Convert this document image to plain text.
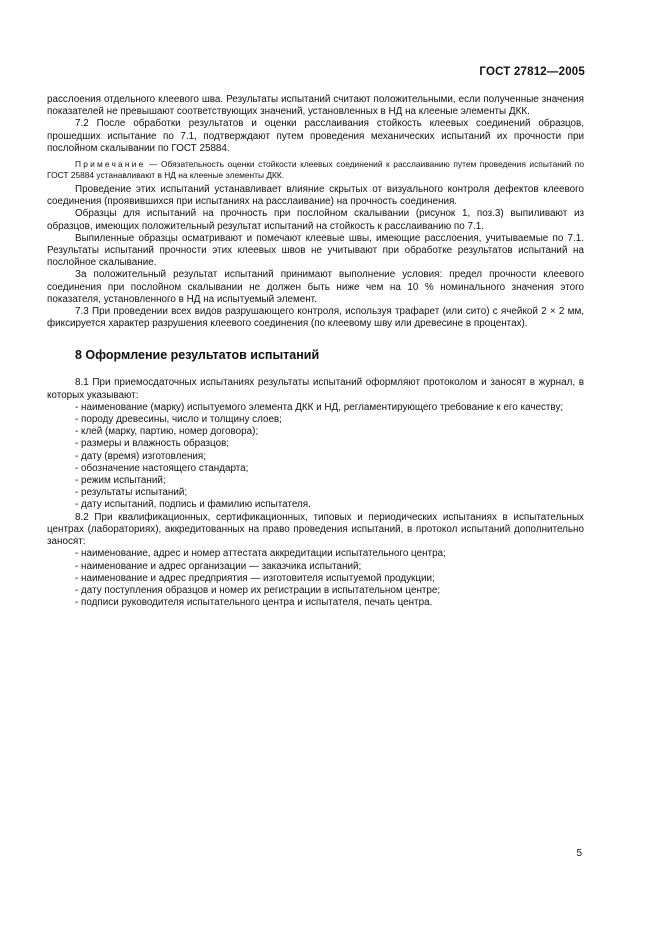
ГОСТ 27812—2005

расслоения отдельного клеевого шва. Результаты испытаний считают положительными, если полученные значения показателей не превышают соответствующих значений, установленных в НД на клееные элементы ДКК.

7.2 После обработки результатов и оценки расслаивания стойкость клеевых соединений образцов, прошедших испытание по 7.1, подтверждают путем проведения механических испытаний их прочности при послойном скалывании по ГОСТ 25884.

Примечание — Обязательность оценки стойкости клеевых соединений к расслаиванию путем проведения испытаний по ГОСТ 25884 устанавливают в НД на клееные элементы ДКК.

Проведение этих испытаний устанавливает влияние скрытых от визуального контроля дефектов клеевого соединения (проявившихся при испытаниях на расслаивание) на прочность соединения.

Образцы для испытаний на прочность при послойном скалывании (рисунок 1, поз.3) выпиливают из образцов, имеющих положительный результат испытаний на стойкость к расслаиванию по 7.1.

Выпиленные образцы осматривают и помечают клеевые швы, имеющие расслоения, учитываемые по 7.1. Результаты испытаний прочности этих клеевых швов не учитывают при обработке результатов испытаний на послойное скалывание.

За положительный результат испытаний принимают выполнение условия: предел прочности клеевого соединения при послойном скалывании не должен быть ниже чем на 10 % номинального значения этого показателя, установленного в НД на испытуемый элемент.

7.3 При проведении всех видов разрушающего контроля, используя трафарет (или сито) с ячейкой 2 × 2 мм, фиксируется характер разрушения клеевого соединения (по клеевому шву или древесине в процентах).

8 Оформление результатов испытаний

8.1 При приемосдаточных испытаниях результаты испытаний оформляют протоколом и заносят в журнал, в которых указывают:

- наименование (марку) испытуемого элемента ДКК и НД, регламентирующего требование к его качеству;

- породу древесины, число и толщину слоев;

- клей (марку, партию, номер договора);

- размеры и влажность образцов;

- дату (время) изготовления;

- обозначение настоящего стандарта;

- режим испытаний;

- результаты испытаний;

- дату испытаний, подпись и фамилию испытателя.

8.2 При квалификационных, сертификационных, типовых и периодических испытаниях в испытательных центрах (лабораториях), аккредитованных на право проведения испытаний, в протокол испытаний дополнительно заносят:

- наименование, адрес и номер аттестата аккредитации испытательного центра;

- наименование и адрес организации — заказчика испытаний;

- наименование и адрес предприятия — изготовителя испытуемой продукции;

- дату поступления образцов и номер их регистрации в испытательном центре;

- подписи руководителя испытательного центра и испытателя, печать центра.

5
